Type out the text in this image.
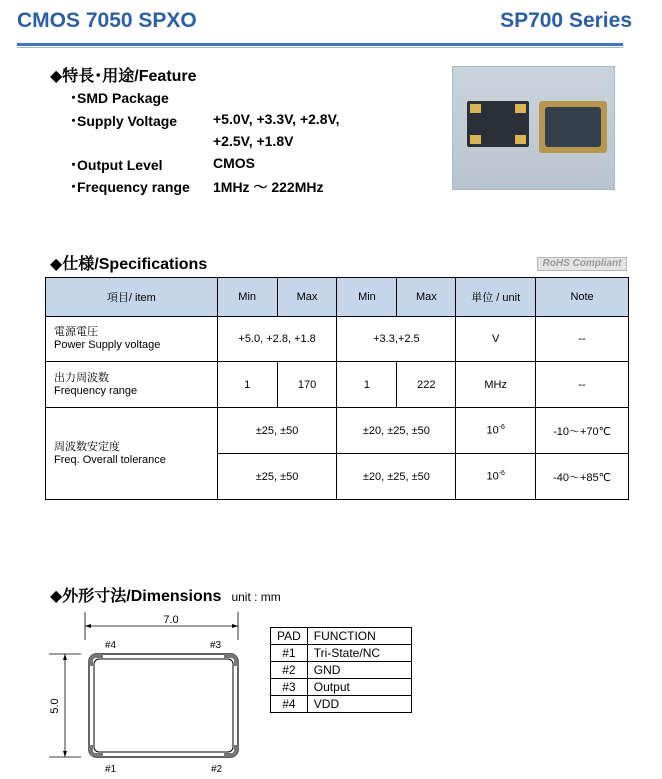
CMOS 7050 SPXO	SP700 Series
◆特長･用途/Feature
･SMD Package
･Supply Voltage	+5.0V, +3.3V, +2.8V,
+2.5V, +1.8V
･Output Level	CMOS
･Frequency range 1MHz ～ 222MHz
◆仕様/Specifications	RoHS Compliant
項目/ item	Min	Max	Min	Max	単位 / unit	Note

電源電圧
Power Supply voltage	+5.0, +2.8, +1.8		+3.3,+2.5		V	--

出力周波数
Frequency range	1	170	1	222	MHz	--

周波数安定度
Freq. Overall tolerance	±25, ±50		±20, ±25, ±50		$10^{-6}$	-10～+70℃
	±25, ±50		±20, ±25, ±50		$10^{-6}$	-40～+85℃
◆外形寸法/Dimensions unit : mm
7.0
5.0
#4	#3
#1	#2
PAD	FUNCTION
#1	Tri-State/NC
#2	GND
#3	Output
#4	VDD
